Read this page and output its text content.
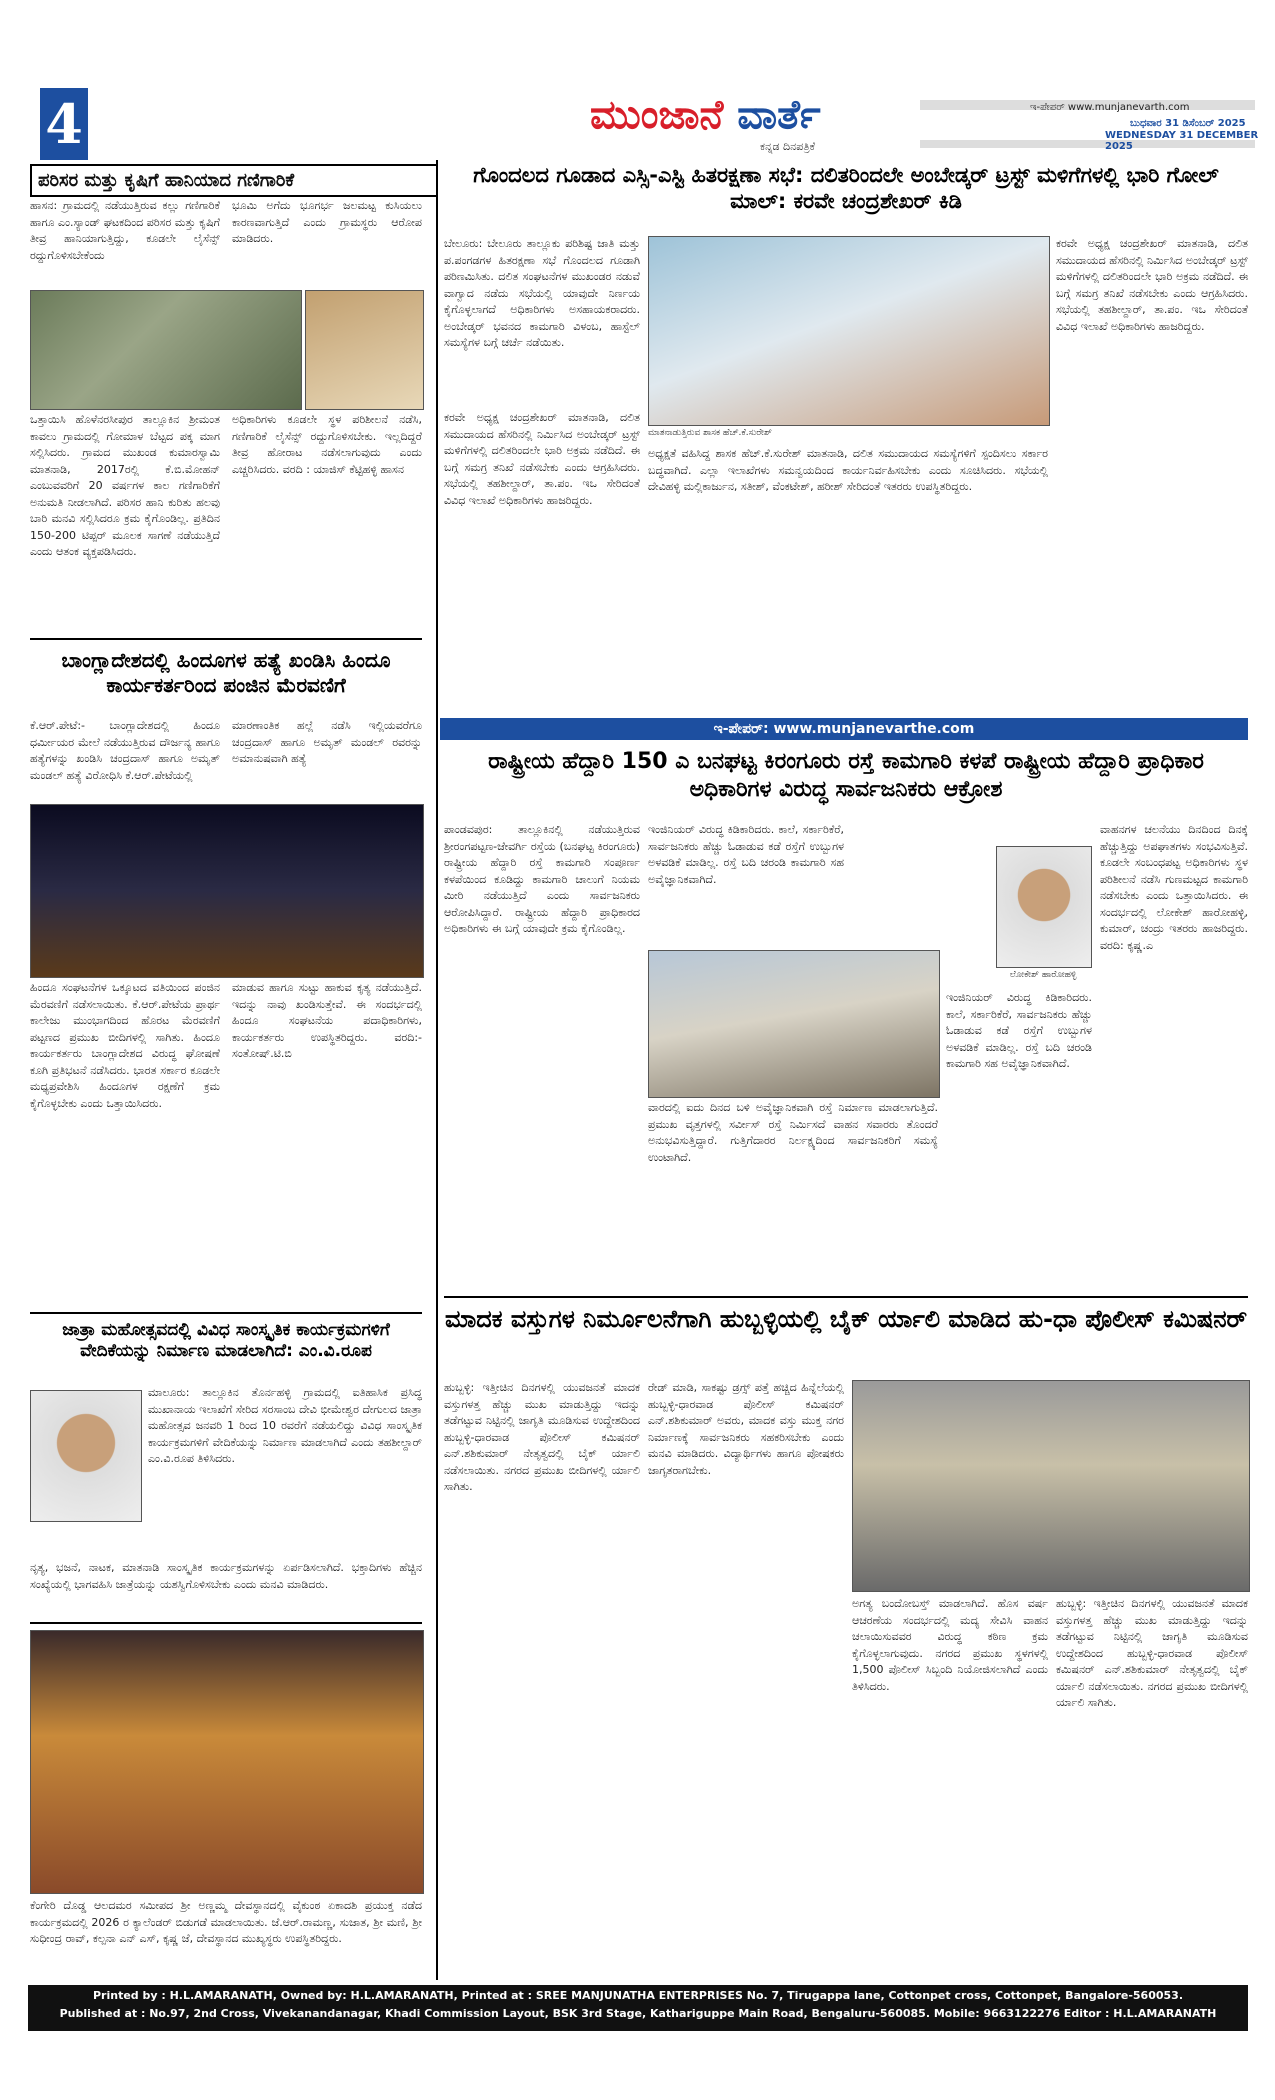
4	ಮುಂಜಾನೆ ವಾರ್ತೆ
ಕನ್ನಡ ದಿನಪತ್ರಿಕೆ
ಇ-ಪೇಪರ್ www.munjanevarth.com
ಬುಧವಾರ 31 ಡಿಸೆಂಬರ್ 2025
WEDNESDAY 31 DECEMBER 2025
ಪರಿಸರ ಮತ್ತು ಕೃಷಿಗೆ ಹಾನಿಯಾದ ಗಣಿಗಾರಿಕೆ
ಹಾಸನ: ಗ್ರಾಮದಲ್ಲಿ ನಡೆಯುತ್ತಿರುವ ಕಲ್ಲು ಗಣಿಗಾರಿಕೆ ಹಾಗೂ ಎಂ.ಸ್ಯಾಂಡ್ ಘಟಕದಿಂದ ಪರಿಸರ ಮತ್ತು ಕೃಷಿಗೆ ತೀವ್ರ ಹಾನಿಯಾಗುತ್ತಿದ್ದು, ಕೂಡಲೇ ಲೈಸೆನ್ಸ್ ರದ್ದುಗೊಳಿಸಬೇಕೆಂದು
ಭೂಮಿ ಅಗೆದು ಭೂಗರ್ಭ ಜಲಮಟ್ಟ ಕುಸಿಯಲು ಕಾರಣವಾಗುತ್ತಿದೆ ಎಂದು ಗ್ರಾಮಸ್ಥರು ಆರೋಪ ಮಾಡಿದರು.
ಒತ್ತಾಯಿಸಿ ಹೊಳೆನರಸೀಪುರ ತಾಲ್ಲೂಕಿನ ಶ್ರೀಮಂತ ಕಾವಲು ಗ್ರಾಮದಲ್ಲಿ ಗೋಮಾಳ ಬೆಟ್ಟದ ಪಕ್ಕ ಮಾಗ ಸಲ್ಲಿಸಿದರು. ಗ್ರಾಮದ ಮುಖಂಡ ಕುಮಾರಸ್ವಾಮಿ ಮಾತನಾಡಿ, 2017ರಲ್ಲಿ ಕೆ.ಬಿ.ಮೋಹನ್ ಎಂಬುವವರಿಗೆ 20 ವರ್ಷಗಳ ಕಾಲ ಗಣಿಗಾರಿಕೆಗೆ ಅನುಮತಿ ನೀಡಲಾಗಿದೆ. ಪರಿಸರ ಹಾನಿ ಕುರಿತು ಹಲವು ಬಾರಿ ಮನವಿ ಸಲ್ಲಿಸಿದರೂ ಕ್ರಮ ಕೈಗೊಂಡಿಲ್ಲ. ಪ್ರತಿದಿನ 150-200 ಟಿಪ್ಪರ್ ಮೂಲಕ ಸಾಗಣೆ ನಡೆಯುತ್ತಿದೆ ಎಂದು ಆತಂಕ ವ್ಯಕ್ತಪಡಿಸಿದರು.
ಅಧಿಕಾರಿಗಳು ಕೂಡಲೇ ಸ್ಥಳ ಪರಿಶೀಲನೆ ನಡೆಸಿ, ಗಣಿಗಾರಿಕೆ ಲೈಸೆನ್ಸ್ ರದ್ದುಗೊಳಿಸಬೇಕು. ಇಲ್ಲದಿದ್ದರೆ ತೀವ್ರ ಹೋರಾಟ ನಡೆಸಲಾಗುವುದು ಎಂದು ಎಚ್ಚರಿಸಿದರು. ವರದಿ : ಯಾಜಿಸ್ ಕೆಟ್ಟಿಹಳ್ಳಿ ಹಾಸನ
ಬಾಂಗ್ಲಾದೇಶದಲ್ಲಿ ಹಿಂದೂಗಳ ಹತ್ಯೆ ಖಂಡಿಸಿ ಹಿಂದೂ ಕಾರ್ಯಕರ್ತರಿಂದ ಪಂಜಿನ ಮೆರವಣಿಗೆ
ಕೆ.ಆರ್.ಪೇಟೆ:- ಬಾಂಗ್ಲಾದೇಶದಲ್ಲಿ ಹಿಂದೂ ಧರ್ಮೀಯರ ಮೇಲೆ ನಡೆಯುತ್ತಿರುವ ದೌರ್ಜನ್ಯ ಹಾಗೂ ಹತ್ಯೆಗಳನ್ನು ಖಂಡಿಸಿ ಚಂದ್ರದಾಸ್ ಹಾಗೂ ಅಮೃತ್ ಮಂಡಲ್ ಹತ್ಯೆ ವಿರೋಧಿಸಿ ಕೆ.ಆರ್.ಪೇಟೆಯಲ್ಲಿ
ಮಾರಣಾಂತಿಕ ಹಲ್ಲೆ ನಡೆಸಿ ಇಲ್ಲಿಯವರೆಗೂ ಚಂದ್ರದಾಸ್ ಹಾಗೂ ಅಮೃತ್ ಮಂಡಲ್ ರವರನ್ನು ಅಮಾನುಷವಾಗಿ ಹತ್ಯೆ
ಹಿಂದೂ ಸಂಘಟನೆಗಳ ಒಕ್ಕೂಟದ ವತಿಯಿಂದ ಪಂಜಿನ ಮೆರವಣಿಗೆ ನಡೆಸಲಾಯಿತು. ಕೆ.ಆರ್.ಪೇಟೆಯ ಪ್ರಾರ್ಥ ಕಾಲೇಜು ಮುಂಭಾಗದಿಂದ ಹೊರಟ ಮೆರವಣಿಗೆ ಪಟ್ಟಣದ ಪ್ರಮುಖ ಬೀದಿಗಳಲ್ಲಿ ಸಾಗಿತು. ಹಿಂದೂ ಕಾರ್ಯಕರ್ತರು ಬಾಂಗ್ಲಾದೇಶದ ವಿರುದ್ಧ ಘೋಷಣೆ ಕೂಗಿ ಪ್ರತಿಭಟನೆ ನಡೆಸಿದರು. ಭಾರತ ಸರ್ಕಾರ ಕೂಡಲೇ ಮಧ್ಯಪ್ರವೇಶಿಸಿ ಹಿಂದೂಗಳ ರಕ್ಷಣೆಗೆ ಕ್ರಮ ಕೈಗೊಳ್ಳಬೇಕು ಎಂದು ಒತ್ತಾಯಿಸಿದರು.
ಮಾಡುವ ಹಾಗೂ ಸುಟ್ಟು ಹಾಕುವ ಕೃತ್ಯ ನಡೆಯುತ್ತಿದೆ. ಇದನ್ನು ನಾವು ಖಂಡಿಸುತ್ತೇವೆ. ಈ ಸಂದರ್ಭದಲ್ಲಿ ಹಿಂದೂ ಸಂಘಟನೆಯ ಪದಾಧಿಕಾರಿಗಳು, ಕಾರ್ಯಕರ್ತರು ಉಪಸ್ಥಿತರಿದ್ದರು. ವರದಿ:- ಸಂತೋಷ್.ಟಿ.ಬಿ
ಜಾತ್ರಾ ಮಹೋತ್ಸವದಲ್ಲಿ ವಿವಿಧ ಸಾಂಸ್ಕೃತಿಕ ಕಾರ್ಯಕ್ರಮಗಳಿಗೆ ವೇದಿಕೆಯನ್ನು ನಿರ್ಮಾಣ ಮಾಡಲಾಗಿದೆ: ಎಂ.ವಿ.ರೂಪ
ಮಾಲೂರು: ತಾಲ್ಲೂಕಿನ ತೊರ್ನಹಳ್ಳಿ ಗ್ರಾಮದಲ್ಲಿ ಐತಿಹಾಸಿಕ ಪ್ರಸಿದ್ಧ ಮುಖಾನಾಯ ಇಲಾಖೆಗೆ ಸೇರಿದ ಸರಸಾಂಬ ದೇವಿ ಭೀಮೇಶ್ವರ ದೇಗುಲದ ಜಾತ್ರಾ ಮಹೋತ್ಸವ ಜನವರಿ 1 ರಿಂದ 10 ರವರೆಗೆ ನಡೆಯಲಿದ್ದು ವಿವಿಧ ಸಾಂಸ್ಕೃತಿಕ ಕಾರ್ಯಕ್ರಮಗಳಿಗೆ ವೇದಿಕೆಯನ್ನು ನಿರ್ಮಾಣ ಮಾಡಲಾಗಿದೆ ಎಂದು ತಹಶೀಲ್ದಾರ್ ಎಂ.ವಿ.ರೂಪ ತಿಳಿಸಿದರು.
ನೃತ್ಯ, ಭಜನೆ, ನಾಟಕ, ಮಾತನಾಡಿ ಸಾಂಸ್ಕೃತಿಕ ಕಾರ್ಯಕ್ರಮಗಳನ್ನು ಏರ್ಪಡಿಸಲಾಗಿದೆ. ಭಕ್ತಾದಿಗಳು ಹೆಚ್ಚಿನ ಸಂಖ್ಯೆಯಲ್ಲಿ ಭಾಗವಹಿಸಿ ಜಾತ್ರೆಯನ್ನು ಯಶಸ್ವಿಗೊಳಿಸಬೇಕು ಎಂದು ಮನವಿ ಮಾಡಿದರು.
ಕೆಂಗೇರಿ ದೊಡ್ಡ ಆಲದಮರ ಸಮೀಪದ ಶ್ರೀ ಅಣ್ಣಮ್ಮ ದೇವಸ್ಥಾನದಲ್ಲಿ ವೈಕುಂಠ ಏಕಾದಶಿ ಪ್ರಯುಕ್ತ ನಡೆದ ಕಾರ್ಯಕ್ರಮದಲ್ಲಿ 2026 ರ ಕ್ಯಾಲೆಂಡರ್ ಬಿಡುಗಡೆ ಮಾಡಲಾಯಿತು. ಜೆ.ಆರ್.ರಾಮಣ್ಣ, ಸುಜಾತ, ಶ್ರೀ ಮಣಿ, ಶ್ರೀ ಸುಧೀಂದ್ರ ರಾವ್, ಕಲ್ಪನಾ ಎನ್ ಎಸ್, ಕೃಷ್ಣ ಜೆ, ದೇವಸ್ಥಾನದ ಮುಖ್ಯಸ್ಥರು ಉಪಸ್ಥಿತರಿದ್ದರು.
ಗೊಂದಲದ ಗೂಡಾದ ಎಸ್ಸಿ-ಎಸ್ಟಿ ಹಿತರಕ್ಷಣಾ ಸಭೆ: ದಲಿತರಿಂದಲೇ ಅಂಬೇಡ್ಕರ್ ಟ್ರಸ್ಟ್ ಮಳಿಗೆಗಳಲ್ಲಿ ಭಾರಿ ಗೋಲ್ ಮಾಲ್: ಕರವೇ ಚಂದ್ರಶೇಖರ್ ಕಿಡಿ
ಬೇಲೂರು: ಬೇಲೂರು ತಾಲ್ಲೂಕು ಪರಿಶಿಷ್ಟ ಜಾತಿ ಮತ್ತು ಪ.ಪಂಗಡಗಳ ಹಿತರಕ್ಷಣಾ ಸಭೆ ಗೊಂದಲದ ಗೂಡಾಗಿ ಪರಿಣಮಿಸಿತು. ದಲಿತ ಸಂಘಟನೆಗಳ ಮುಖಂಡರ ನಡುವೆ ವಾಗ್ವಾದ ನಡೆದು ಸಭೆಯಲ್ಲಿ ಯಾವುದೇ ನಿರ್ಣಯ ಕೈಗೊಳ್ಳಲಾಗದೆ ಅಧಿಕಾರಿಗಳು ಅಸಹಾಯಕರಾದರು. ಅಂಬೇಡ್ಕರ್ ಭವನದ ಕಾಮಗಾರಿ ವಿಳಂಬ, ಹಾಸ್ಟೆಲ್ ಸಮಸ್ಯೆಗಳ ಬಗ್ಗೆ ಚರ್ಚೆ ನಡೆಯಿತು.
ಮಾತನಾಡುತ್ತಿರುವ ಶಾಸಕ ಹೆಚ್.ಕೆ.ಸುರೇಶ್
ಕರವೇ ಅಧ್ಯಕ್ಷ ಚಂದ್ರಶೇಖರ್ ಮಾತನಾಡಿ, ದಲಿತ ಸಮುದಾಯದ ಹೆಸರಿನಲ್ಲಿ ನಿರ್ಮಿಸಿದ ಅಂಬೇಡ್ಕರ್ ಟ್ರಸ್ಟ್ ಮಳಿಗೆಗಳಲ್ಲಿ ದಲಿತರಿಂದಲೇ ಭಾರಿ ಅಕ್ರಮ ನಡೆದಿದೆ. ಈ ಬಗ್ಗೆ ಸಮಗ್ರ ತನಿಖೆ ನಡೆಸಬೇಕು ಎಂದು ಆಗ್ರಹಿಸಿದರು. ಸಭೆಯಲ್ಲಿ ತಹಶೀಲ್ದಾರ್, ತಾ.ಪಂ. ಇಒ ಸೇರಿದಂತೆ ವಿವಿಧ ಇಲಾಖೆ ಅಧಿಕಾರಿಗಳು ಹಾಜರಿದ್ದರು.
ಅಧ್ಯಕ್ಷತೆ ವಹಿಸಿದ್ದ ಶಾಸಕ ಹೆಚ್.ಕೆ.ಸುರೇಶ್ ಮಾತನಾಡಿ, ದಲಿತ ಸಮುದಾಯದ ಸಮಸ್ಯೆಗಳಿಗೆ ಸ್ಪಂದಿಸಲು ಸರ್ಕಾರ ಬದ್ಧವಾಗಿದೆ. ಎಲ್ಲಾ ಇಲಾಖೆಗಳು ಸಮನ್ವಯದಿಂದ ಕಾರ್ಯನಿರ್ವಹಿಸಬೇಕು ಎಂದು ಸೂಚಿಸಿದರು. ಸಭೆಯಲ್ಲಿ ದೇವಿಹಳ್ಳಿ ಮಲ್ಲಿಕಾರ್ಜುನ, ಸತೀಶ್, ವೆಂಕಟೇಶ್, ಹರೀಶ್ ಸೇರಿದಂತೆ ಇತರರು ಉಪಸ್ಥಿತರಿದ್ದರು.
ಕರವೇ ಅಧ್ಯಕ್ಷ ಚಂದ್ರಶೇಖರ್ ಮಾತನಾಡಿ, ದಲಿತ ಸಮುದಾಯದ ಹೆಸರಿನಲ್ಲಿ ನಿರ್ಮಿಸಿದ ಅಂಬೇಡ್ಕರ್ ಟ್ರಸ್ಟ್ ಮಳಿಗೆಗಳಲ್ಲಿ ದಲಿತರಿಂದಲೇ ಭಾರಿ ಅಕ್ರಮ ನಡೆದಿದೆ. ಈ ಬಗ್ಗೆ ಸಮಗ್ರ ತನಿಖೆ ನಡೆಸಬೇಕು ಎಂದು ಆಗ್ರಹಿಸಿದರು. ಸಭೆಯಲ್ಲಿ ತಹಶೀಲ್ದಾರ್, ತಾ.ಪಂ. ಇಒ ಸೇರಿದಂತೆ ವಿವಿಧ ಇಲಾಖೆ ಅಧಿಕಾರಿಗಳು ಹಾಜರಿದ್ದರು.
ಇ-ಪೇಪರ್: www.munjanevarthe.com
ರಾಷ್ಟ್ರೀಯ ಹೆದ್ದಾರಿ 150 ಎ ಬನಘಟ್ಟ ಕಿರಂಗೂರು ರಸ್ತೆ ಕಾಮಗಾರಿ ಕಳಪೆ ರಾಷ್ಟ್ರೀಯ ಹೆದ್ದಾರಿ ಪ್ರಾಧಿಕಾರ ಅಧಿಕಾರಿಗಳ ವಿರುದ್ಧ ಸಾರ್ವಜನಿಕರು ಆಕ್ರೋಶ
ಪಾಂಡವಪುರ: ತಾಲ್ಲೂಕಿನಲ್ಲಿ ನಡೆಯುತ್ತಿರುವ ಶ್ರೀರಂಗಪಟ್ಟಣ-ಜೇವರ್ಗಿ ರಸ್ತೆಯ (ಬನಘಟ್ಟ ಕಿರಂಗೂರು) ರಾಷ್ಟ್ರೀಯ ಹೆದ್ದಾರಿ ರಸ್ತೆ ಕಾಮಗಾರಿ ಸಂಪೂರ್ಣ ಕಳಪೆಯಿಂದ ಕೂಡಿದ್ದು ಕಾಮಗಾರಿ ಚಾಲುಗೆ ನಿಯಮ ಮೀರಿ ನಡೆಯುತ್ತಿದೆ ಎಂದು ಸಾರ್ವಜನಿಕರು ಆರೋಪಿಸಿದ್ದಾರೆ. ರಾಷ್ಟ್ರೀಯ ಹೆದ್ದಾರಿ ಪ್ರಾಧಿಕಾರದ ಅಧಿಕಾರಿಗಳು ಈ ಬಗ್ಗೆ ಯಾವುದೇ ಕ್ರಮ ಕೈಗೊಂಡಿಲ್ಲ.
ಇಂಜಿನಿಯರ್ ವಿರುದ್ಧ ಕಿಡಿಕಾರಿದರು. ಕಾಲೆ, ಸರ್ಕಾರಿಕೆರೆ, ಸಾರ್ವಜನಿಕರು ಹೆಚ್ಚು ಓಡಾಡುವ ಕಡೆ ರಸ್ತೆಗೆ ಉಬ್ಬುಗಳ ಅಳವಡಿಕೆ ಮಾಡಿಲ್ಲ. ರಸ್ತೆ ಬದಿ ಚರಂಡಿ ಕಾಮಗಾರಿ ಸಹ ಅವೈಜ್ಞಾನಿಕವಾಗಿದೆ.
ಲೋಕೇಶ್ ಹಾರೋಹಳ್ಳಿ
ವಾಹನಗಳ ಚಲನೆಯು ದಿನದಿಂದ ದಿನಕ್ಕೆ ಹೆಚ್ಚುತ್ತಿದ್ದು ಅಪಘಾತಗಳು ಸಂಭವಿಸುತ್ತಿವೆ. ಕೂಡಲೇ ಸಂಬಂಧಪಟ್ಟ ಅಧಿಕಾರಿಗಳು ಸ್ಥಳ ಪರಿಶೀಲನೆ ನಡೆಸಿ ಗುಣಮಟ್ಟದ ಕಾಮಗಾರಿ ನಡೆಸಬೇಕು ಎಂದು ಒತ್ತಾಯಿಸಿದರು. ಈ ಸಂದರ್ಭದಲ್ಲಿ ಲೋಕೇಶ್ ಹಾರೋಹಳ್ಳಿ, ಕುಮಾರ್, ಚಂದ್ರು ಇತರರು ಹಾಜರಿದ್ದರು. ವರದಿ: ಕೃಷ್ಣ.ಎ
ವಾರದಲ್ಲಿ ಐದು ದಿನದ ಬಳಿ ಅವೈಜ್ಞಾನಿಕವಾಗಿ ರಸ್ತೆ ನಿರ್ಮಾಣ ಮಾಡಲಾಗುತ್ತಿದೆ. ಪ್ರಮುಖ ವೃತ್ತಗಳಲ್ಲಿ ಸರ್ವೀಸ್ ರಸ್ತೆ ನಿರ್ಮಿಸದೆ ವಾಹನ ಸವಾರರು ತೊಂದರೆ ಅನುಭವಿಸುತ್ತಿದ್ದಾರೆ. ಗುತ್ತಿಗೆದಾರರ ನಿರ್ಲಕ್ಷ್ಯದಿಂದ ಸಾರ್ವಜನಿಕರಿಗೆ ಸಮಸ್ಯೆ ಉಂಟಾಗಿದೆ.
ಇಂಜಿನಿಯರ್ ವಿರುದ್ಧ ಕಿಡಿಕಾರಿದರು. ಕಾಲೆ, ಸರ್ಕಾರಿಕೆರೆ, ಸಾರ್ವಜನಿಕರು ಹೆಚ್ಚು ಓಡಾಡುವ ಕಡೆ ರಸ್ತೆಗೆ ಉಬ್ಬುಗಳ ಅಳವಡಿಕೆ ಮಾಡಿಲ್ಲ. ರಸ್ತೆ ಬದಿ ಚರಂಡಿ ಕಾಮಗಾರಿ ಸಹ ಅವೈಜ್ಞಾನಿಕವಾಗಿದೆ.
ಮಾದಕ ವಸ್ತುಗಳ ನಿರ್ಮೂಲನೆಗಾಗಿ ಹುಬ್ಬಳ್ಳಿಯಲ್ಲಿ ಬೈಕ್ ರ್ಯಾಲಿ ಮಾಡಿದ ಹು-ಧಾ ಪೊಲೀಸ್ ಕಮಿಷನರ್
ಹುಬ್ಬಳ್ಳಿ: ಇತ್ತೀಚಿನ ದಿನಗಳಲ್ಲಿ ಯುವಜನತೆ ಮಾದಕ ವಸ್ತುಗಳತ್ತ ಹೆಚ್ಚು ಮುಖ ಮಾಡುತ್ತಿದ್ದು ಇದನ್ನು ತಡೆಗಟ್ಟುವ ನಿಟ್ಟಿನಲ್ಲಿ ಜಾಗೃತಿ ಮೂಡಿಸುವ ಉದ್ದೇಶದಿಂದ ಹುಬ್ಬಳ್ಳಿ-ಧಾರವಾಡ ಪೊಲೀಸ್ ಕಮಿಷನರ್ ಎನ್.ಶಶಿಕುಮಾರ್ ನೇತೃತ್ವದಲ್ಲಿ ಬೈಕ್ ರ್ಯಾಲಿ ನಡೆಸಲಾಯಿತು. ನಗರದ ಪ್ರಮುಖ ಬೀದಿಗಳಲ್ಲಿ ರ್ಯಾಲಿ ಸಾಗಿತು.
ರೇಡ್ ಮಾಡಿ, ಸಾಕಷ್ಟು ಡ್ರಗ್ಸ್ ಪತ್ತೆ ಹಚ್ಚಿದ ಹಿನ್ನೆಲೆಯಲ್ಲಿ ಹುಬ್ಬಳ್ಳಿ-ಧಾರವಾಡ ಪೊಲೀಸ್ ಕಮಿಷನರ್ ಎನ್.ಶಶಿಕುಮಾರ್ ಅವರು, ಮಾದಕ ವಸ್ತು ಮುಕ್ತ ನಗರ ನಿರ್ಮಾಣಕ್ಕೆ ಸಾರ್ವಜನಿಕರು ಸಹಕರಿಸಬೇಕು ಎಂದು ಮನವಿ ಮಾಡಿದರು. ವಿದ್ಯಾರ್ಥಿಗಳು ಹಾಗೂ ಪೋಷಕರು ಜಾಗೃತರಾಗಬೇಕು.
ಅಗತ್ಯ ಬಂದೋಬಸ್ತ್ ಮಾಡಲಾಗಿದೆ. ಹೊಸ ವರ್ಷ ಆಚರಣೆಯ ಸಂದರ್ಭದಲ್ಲಿ ಮದ್ಯ ಸೇವಿಸಿ ವಾಹನ ಚಲಾಯಿಸುವವರ ವಿರುದ್ಧ ಕಠಿಣ ಕ್ರಮ ಕೈಗೊಳ್ಳಲಾಗುವುದು. ನಗರದ ಪ್ರಮುಖ ಸ್ಥಳಗಳಲ್ಲಿ 1,500 ಪೊಲೀಸ್ ಸಿಬ್ಬಂದಿ ನಿಯೋಜಿಸಲಾಗಿದೆ ಎಂದು ತಿಳಿಸಿದರು.
ಹುಬ್ಬಳ್ಳಿ: ಇತ್ತೀಚಿನ ದಿನಗಳಲ್ಲಿ ಯುವಜನತೆ ಮಾದಕ ವಸ್ತುಗಳತ್ತ ಹೆಚ್ಚು ಮುಖ ಮಾಡುತ್ತಿದ್ದು ಇದನ್ನು ತಡೆಗಟ್ಟುವ ನಿಟ್ಟಿನಲ್ಲಿ ಜಾಗೃತಿ ಮೂಡಿಸುವ ಉದ್ದೇಶದಿಂದ ಹುಬ್ಬಳ್ಳಿ-ಧಾರವಾಡ ಪೊಲೀಸ್ ಕಮಿಷನರ್ ಎನ್.ಶಶಿಕುಮಾರ್ ನೇತೃತ್ವದಲ್ಲಿ ಬೈಕ್ ರ್ಯಾಲಿ ನಡೆಸಲಾಯಿತು. ನಗರದ ಪ್ರಮುಖ ಬೀದಿಗಳಲ್ಲಿ ರ್ಯಾಲಿ ಸಾಗಿತು.
Printed by : H.L.AMARANATH, Owned by: H.L.AMARANATH, Printed at : SREE MANJUNATHA ENTERPRISES No. 7, Tirugappa lane, Cottonpet cross, Cottonpet, Bangalore-560053.
Published at : No.97, 2nd Cross, Vivekanandanagar, Khadi Commission Layout, BSK 3rd Stage, Kathariguppe Main Road, Bengaluru-560085. Mobile: 9663122276 Editor : H.L.AMARANATH
